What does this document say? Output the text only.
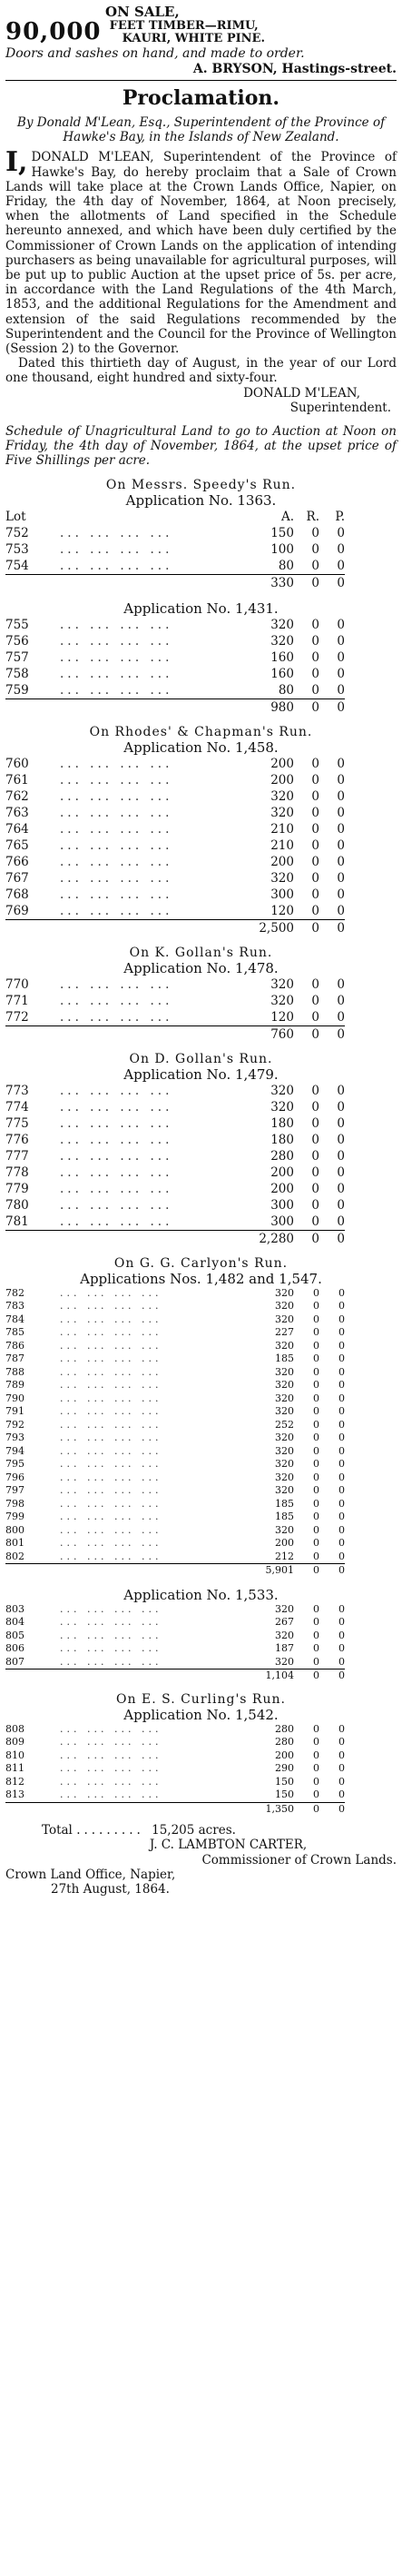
ON SALE,
90,000 FEET TIMBER—RIMU,
KAURI, WHITE PINE.
Doors and sashes on hand, and made to order.
A. BRYSON, Hastings-street.
Proclamation.
By Donald M'Lean, Esq., Superintendent of the Province of Hawke's Bay, in the Islands of New Zealand.
I, DONALD M'LEAN, Superintendent of the Province of Hawke's Bay, do hereby proclaim that a Sale of Crown Lands will take place at the Crown Lands Office, Napier, on Friday, the 4th day of November, 1864, at Noon precisely, when the allotments of Land specified in the Schedule hereunto annexed, and which have been duly certified by the Commissioner of Crown Lands on the application of intending purchasers as being unavailable for agricultural purposes, will be put up to public Auction at the upset price of 5s. per acre, in accordance with the Land Regulations of the 4th March, 1853, and the additional Regulations for the Amendment and extension of the said Regulations recommended by the Superintendent and the Council for the Province of Wellington (Session 2) to the Governor.
Dated this thirtieth day of August, in the year of our Lord one thousand, eight hundred and sixty-four.
DONALD M'LEAN,
Superintendent.
Schedule of Unagricultural Land to go to Auction at Noon on Friday, the 4th day of November, 1864, at the upset price of Five Shillings per acre.
On Messrs. Speedy's Run.
Application No. 1363.
Lot		A.	R.	P.
752	... ... ... ...	150	0	0
753	... ... ... ...	100	0	0
754	... ... ... ...	80	0	0
		330	0	0
Application No. 1,431.
755	... ... ... ...	320	0	0
756	... ... ... ...	320	0	0
757	... ... ... ...	160	0	0
758	... ... ... ...	160	0	0
759	... ... ... ...	80	0	0
		980	0	0
On Rhodes' & Chapman's Run.
Application No. 1,458.
760	... ... ... ...	200	0	0
761	... ... ... ...	200	0	0
762	... ... ... ...	320	0	0
763	... ... ... ...	320	0	0
764	... ... ... ...	210	0	0
765	... ... ... ...	210	0	0
766	... ... ... ...	200	0	0
767	... ... ... ...	320	0	0
768	... ... ... ...	300	0	0
769	... ... ... ...	120	0	0
		2,500	0	0
On K. Gollan's Run.
Application No. 1,478.
770	... ... ... ...	320	0	0
771	... ... ... ...	320	0	0
772	... ... ... ...	120	0	0
		760	0	0
On D. Gollan's Run.
Application No. 1,479.
773	... ... ... ...	320	0	0
774	... ... ... ...	320	0	0
775	... ... ... ...	180	0	0
776	... ... ... ...	180	0	0
777	... ... ... ...	280	0	0
778	... ... ... ...	200	0	0
779	... ... ... ...	200	0	0
780	... ... ... ...	300	0	0
781	... ... ... ...	300	0	0
		2,280	0	0
On G. G. Carlyon's Run.
Applications Nos. 1,482 and 1,547.
782	... ... ... ...	320	0	0
783	... ... ... ...	320	0	0
784	... ... ... ...	320	0	0
785	... ... ... ...	227	0	0
786	... ... ... ...	320	0	0
787	... ... ... ...	185	0	0
788	... ... ... ...	320	0	0
789	... ... ... ...	320	0	0
790	... ... ... ...	320	0	0
791	... ... ... ...	320	0	0
792	... ... ... ...	252	0	0
793	... ... ... ...	320	0	0
794	... ... ... ...	320	0	0
795	... ... ... ...	320	0	0
796	... ... ... ...	320	0	0
797	... ... ... ...	320	0	0
798	... ... ... ...	185	0	0
799	... ... ... ...	185	0	0
800	... ... ... ...	320	0	0
801	... ... ... ...	200	0	0
802	... ... ... ...	212	0	0
		5,901	0	0
Application No. 1,533.
803	... ... ... ...	320	0	0
804	... ... ... ...	267	0	0
805	... ... ... ...	320	0	0
806	... ... ... ...	187	0	0
807	... ... ... ...	320	0	0
		1,104	0	0
On E. S. Curling's Run.
Application No. 1,542.
808	... ... ... ...	280	0	0
809	... ... ... ...	280	0	0
810	... ... ... ...	200	0	0
811	... ... ... ...	290	0	0
812	... ... ... ...	150	0	0
813	... ... ... ...	150	0	0
		1,350	0	0
Total ......... 15,205 acres.
J. C. LAMBTON CARTER,
Commissioner of Crown Lands.
Crown Land Office, Napier,
27th August, 1864.
